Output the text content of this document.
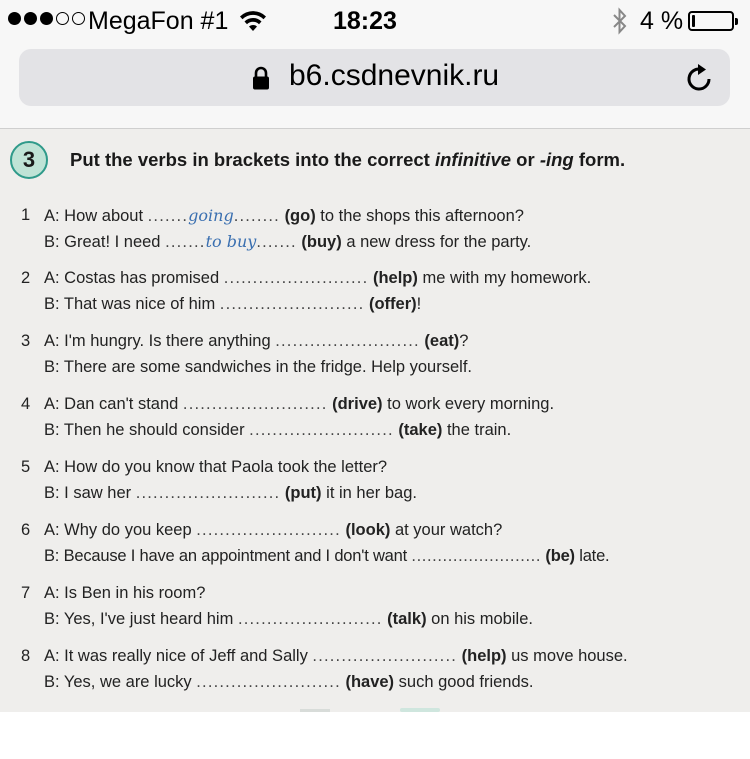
MegaFon #1	18:23	4 %
b6.csdnevnik.ru
3	Put the verbs in brackets into the correct infinitive or -ing form.
1 A: How about .......going........ (go) to the shops this afternoon?
B: Great! I need .......to buy....... (buy) a new dress for the party.
2 A: Costas has promised ......................... (help) me with my homework.
B: That was nice of him ......................... (offer)!
3 A: I'm hungry. Is there anything ......................... (eat)?
B: There are some sandwiches in the fridge. Help yourself.
4 A: Dan can't stand ......................... (drive) to work every morning.
B: Then he should consider ......................... (take) the train.
5 A: How do you know that Paola took the letter?
B: I saw her ......................... (put) it in her bag.
6 A: Why do you keep ......................... (look) at your watch?
B: Because I have an appointment and I don't want ......................... (be) late.
7 A: Is Ben in his room?
B: Yes, I've just heard him ......................... (talk) on his mobile.
8 A: It was really nice of Jeff and Sally ......................... (help) us move house.
B: Yes, we are lucky ......................... (have) such good friends.
